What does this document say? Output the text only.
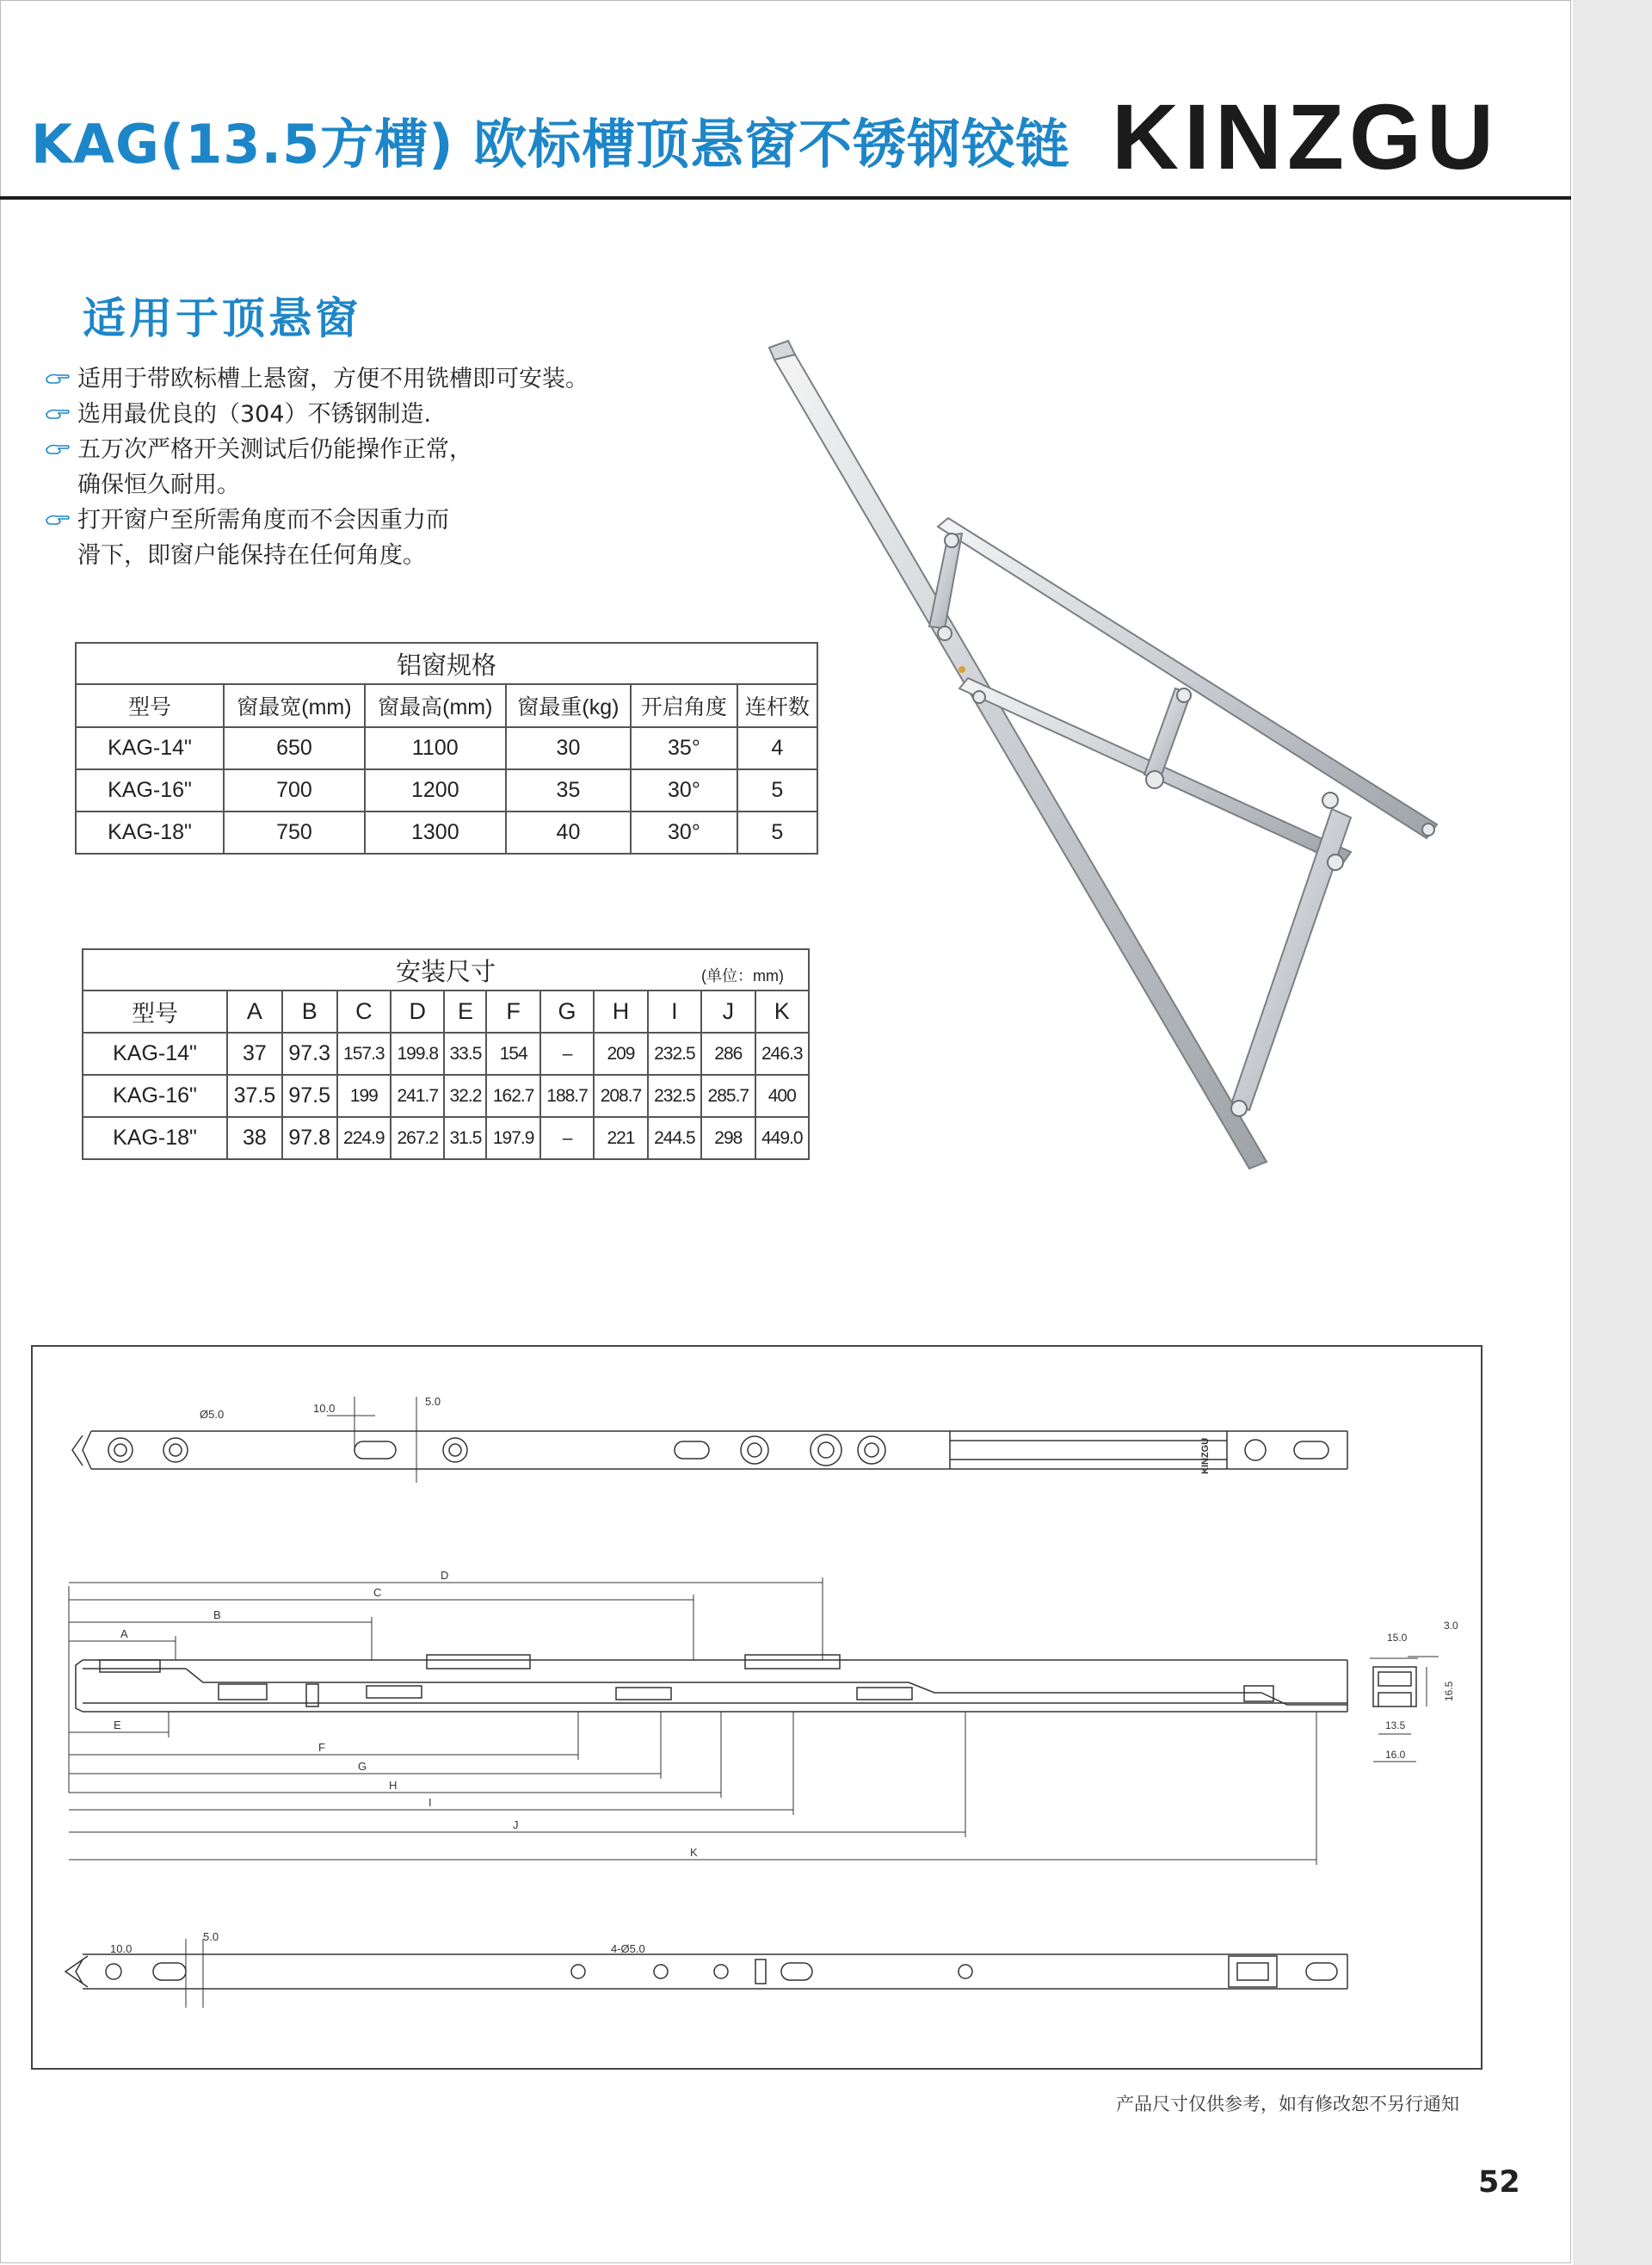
KAG(13.5方槽) 欧标槽顶悬窗不锈钢铰链 KINZGU
适用于顶悬窗
适用于带欧标槽上悬窗，方便不用铣槽即可安装。
选用最优良的（304）不锈钢制造.
五万次严格开关测试后仍能操作正常，
确保恒久耐用。
打开窗户至所需角度而不会因重力而
滑下，即窗户能保持在任何角度。
铝窗规格					
型号	窗最宽(mm)	窗最高(mm)	窗最重(kg)	开启角度	连杆数
KAG-14"	650	1100	30	35°	4
KAG-16"	700	1200	35	30°	5
KAG-18"	750	1300	40	30°	5
安装尺寸 (单位：mm)											

型号	A	B	C	D	E	F	G	H	I	J	K
KAG-14"	37	97.3	157.3	199.8	33.5	154	–	209	232.5	286	246.3
KAG-16"	37.5	97.5	199	241.7	32.2	162.7	188.7	208.7	232.5	285.7	400
KAG-18"	38	97.8	224.9	267.2	31.5	197.9	–	221	244.5	298	449.0
Ø5.0	10.0
5.0
KINZGU
D
C
B
A
E
F
G
H
I
J
K
15.0
3.0
16.5
13.5
16.0
10.0
5.0
4-Ø5.0
产品尺寸仅供参考，如有修改恕不另行通知
52
